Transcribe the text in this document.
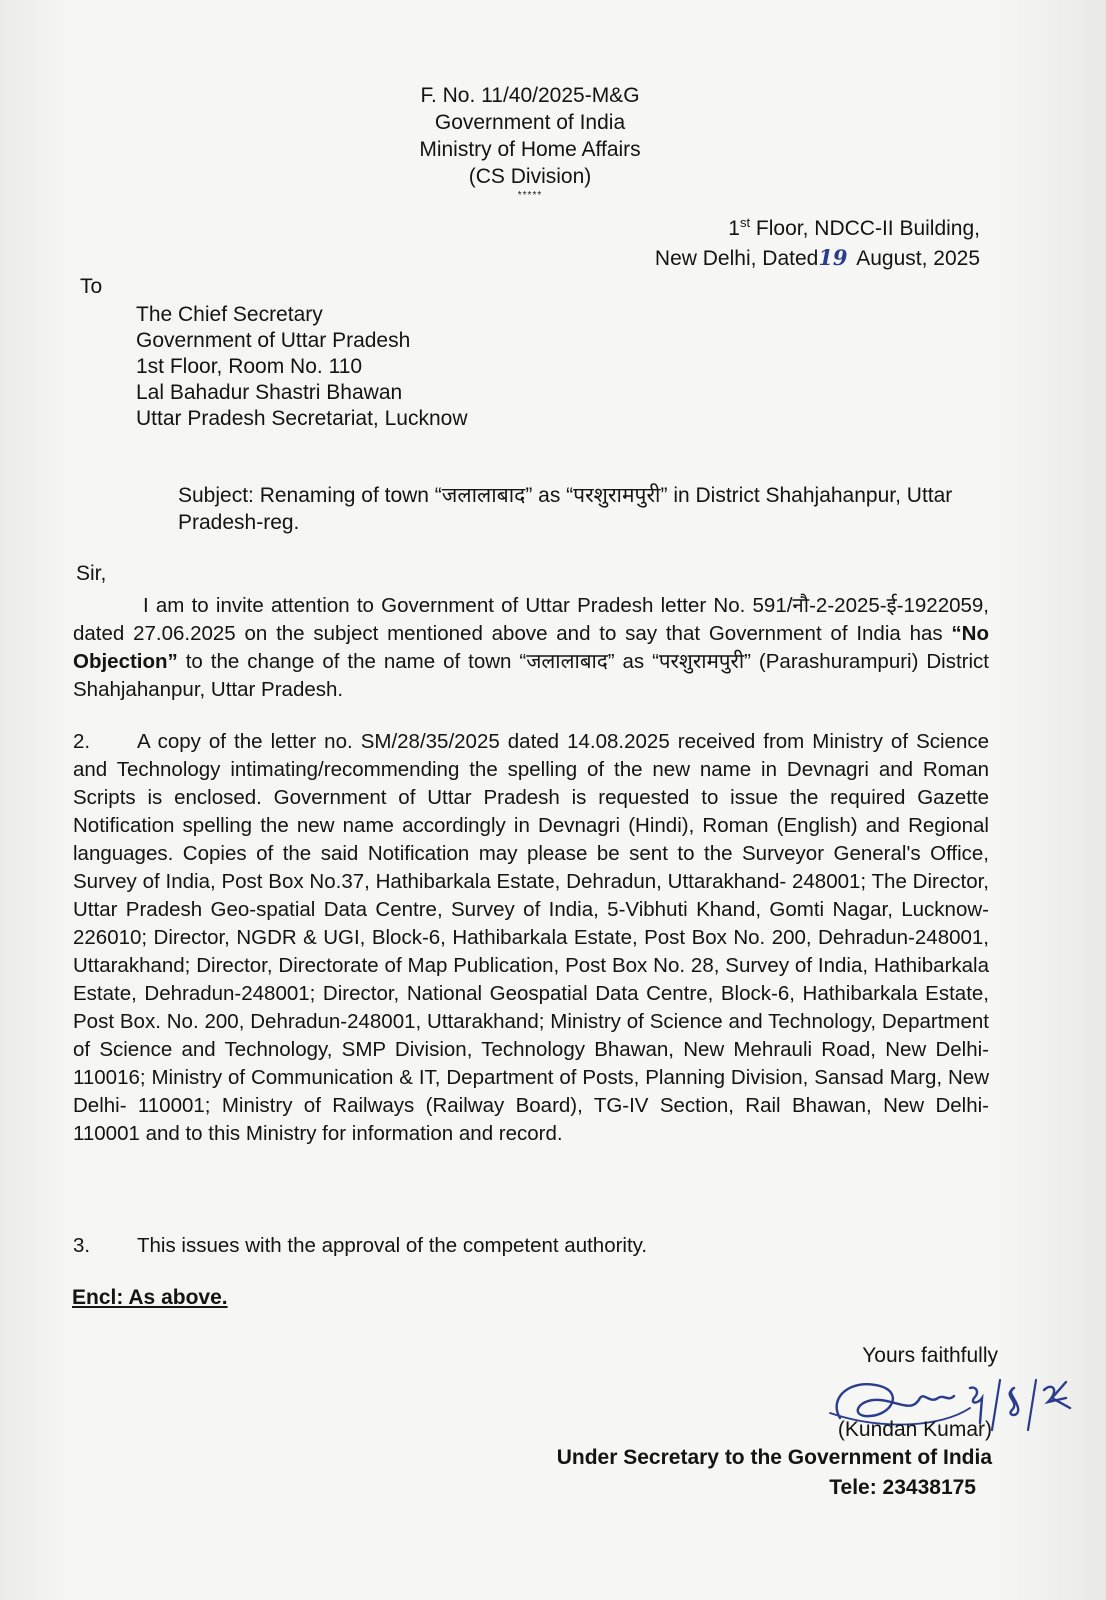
F. No. 11/40/2025-M&G
Government of India
Ministry of Home Affairs
(CS Division)
*****
1st Floor, NDCC-II Building,
New Delhi, Dated19 August, 2025
To
The Chief Secretary
Government of Uttar Pradesh
1st Floor, Room No. 110
Lal Bahadur Shastri Bhawan
Uttar Pradesh Secretariat, Lucknow
Subject: Renaming of town “जलालाबाद” as “परशुरामपुरी” in District Shahjahanpur, Uttar Pradesh-reg.
Sir,
I am to invite attention to Government of Uttar Pradesh letter No. 591/नौ-2-2025-ई-1922059, dated 27.06.2025 on the subject mentioned above and to say that Government of India has “No Objection” to the change of the name of town “जलालाबाद” as “परशुरामपुरी” (Parashurampuri) District Shahjahanpur, Uttar Pradesh.
2. A copy of the letter no. SM/28/35/2025 dated 14.08.2025 received from Ministry of Science and Technology intimating/recommending the spelling of the new name in Devnagri and Roman Scripts is enclosed. Government of Uttar Pradesh is requested to issue the required Gazette Notification spelling the new name accordingly in Devnagri (Hindi), Roman (English) and Regional languages. Copies of the said Notification may please be sent to the Surveyor General's Office, Survey of India, Post Box No.37, Hathibarkala Estate, Dehradun, Uttarakhand- 248001; The Director, Uttar Pradesh Geo-spatial Data Centre, Survey of India, 5-Vibhuti Khand, Gomti Nagar, Lucknow-226010; Director, NGDR & UGI, Block-6, Hathibarkala Estate, Post Box No. 200, Dehradun-248001, Uttarakhand; Director, Directorate of Map Publication, Post Box No. 28, Survey of India, Hathibarkala Estate, Dehradun-248001; Director, National Geospatial Data Centre, Block-6, Hathibarkala Estate, Post Box. No. 200, Dehradun-248001, Uttarakhand; Ministry of Science and Technology, Department of Science and Technology, SMP Division, Technology Bhawan, New Mehrauli Road, New Delhi-110016; Ministry of Communication & IT, Department of Posts, Planning Division, Sansad Marg, New Delhi- 110001; Ministry of Railways (Railway Board), TG-IV Section, Rail Bhawan, New Delhi- 110001 and to this Ministry for information and record.
3. This issues with the approval of the competent authority.
Encl: As above.
Yours faithfully
(Kundan Kumar)
Under Secretary to the Government of India
Tele: 23438175
